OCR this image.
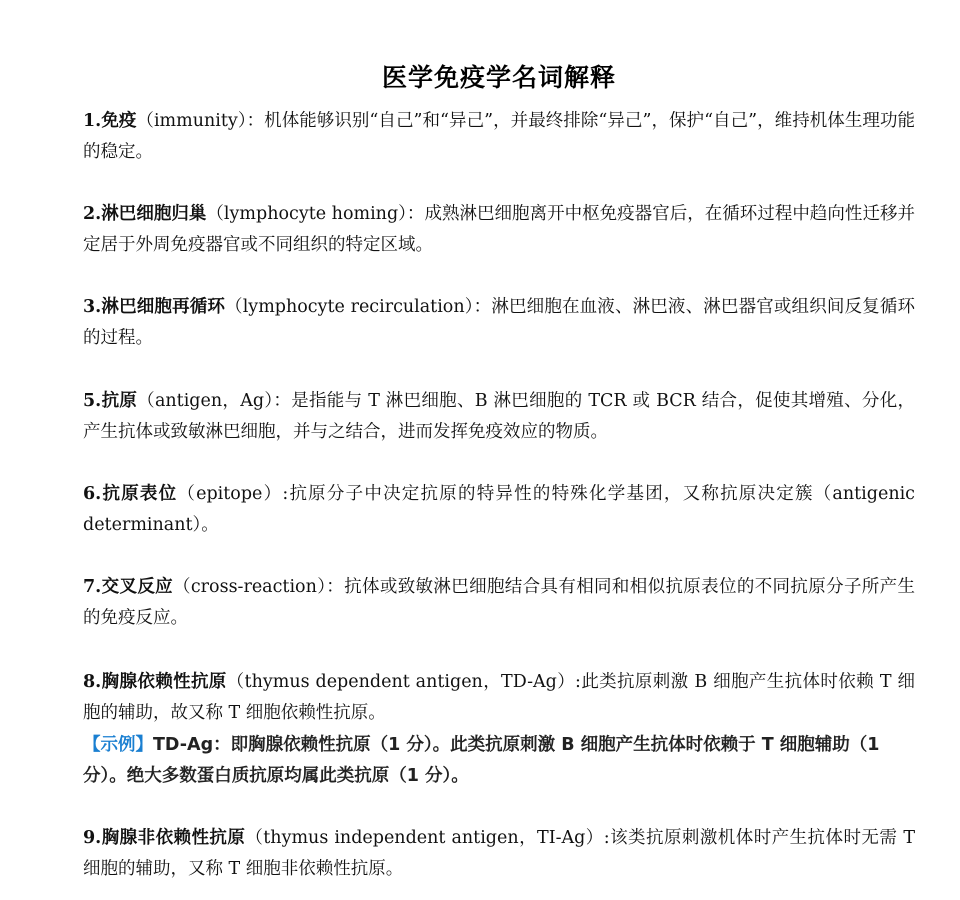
医学免疫学名词解释
1.免疫（immunity）：机体能够识别“自己”和“异己”，并最终排除“异己”，保护“自己”，维持机体生理功能的稳定。
2.淋巴细胞归巢（lymphocyte homing）：成熟淋巴细胞离开中枢免疫器官后，在循环过程中趋向性迁移并定居于外周免疫器官或不同组织的特定区域。
3.淋巴细胞再循环（lymphocyte recirculation）：淋巴细胞在血液、淋巴液、淋巴器官或组织间反复循环的过程。
5.抗原（antigen，Ag）：是指能与 T 淋巴细胞、B 淋巴细胞的 TCR 或 BCR 结合，促使其增殖、分化，产生抗体或致敏淋巴细胞，并与之结合，进而发挥免疫效应的物质。
6.抗原表位（epitope）:抗原分子中决定抗原的特异性的特殊化学基团，又称抗原决定簇（antigenic determinant）。
7.交叉反应（cross-reaction）：抗体或致敏淋巴细胞结合具有相同和相似抗原表位的不同抗原分子所产生的免疫反应。
8.胸腺依赖性抗原（thymus dependent antigen，TD-Ag）:此类抗原刺激 B 细胞产生抗体时依赖 T 细胞的辅助，故又称 T 细胞依赖性抗原。
【示例】TD-Ag：即胸腺依赖性抗原（1 分）。此类抗原刺激 B 细胞产生抗体时依赖于 T 细胞辅助（1 分）。绝大多数蛋白质抗原均属此类抗原（1 分）。
9.胸腺非依赖性抗原（thymus independent antigen，TI-Ag）:该类抗原刺激机体时产生抗体时无需 T 细胞的辅助，又称 T 细胞非依赖性抗原。
